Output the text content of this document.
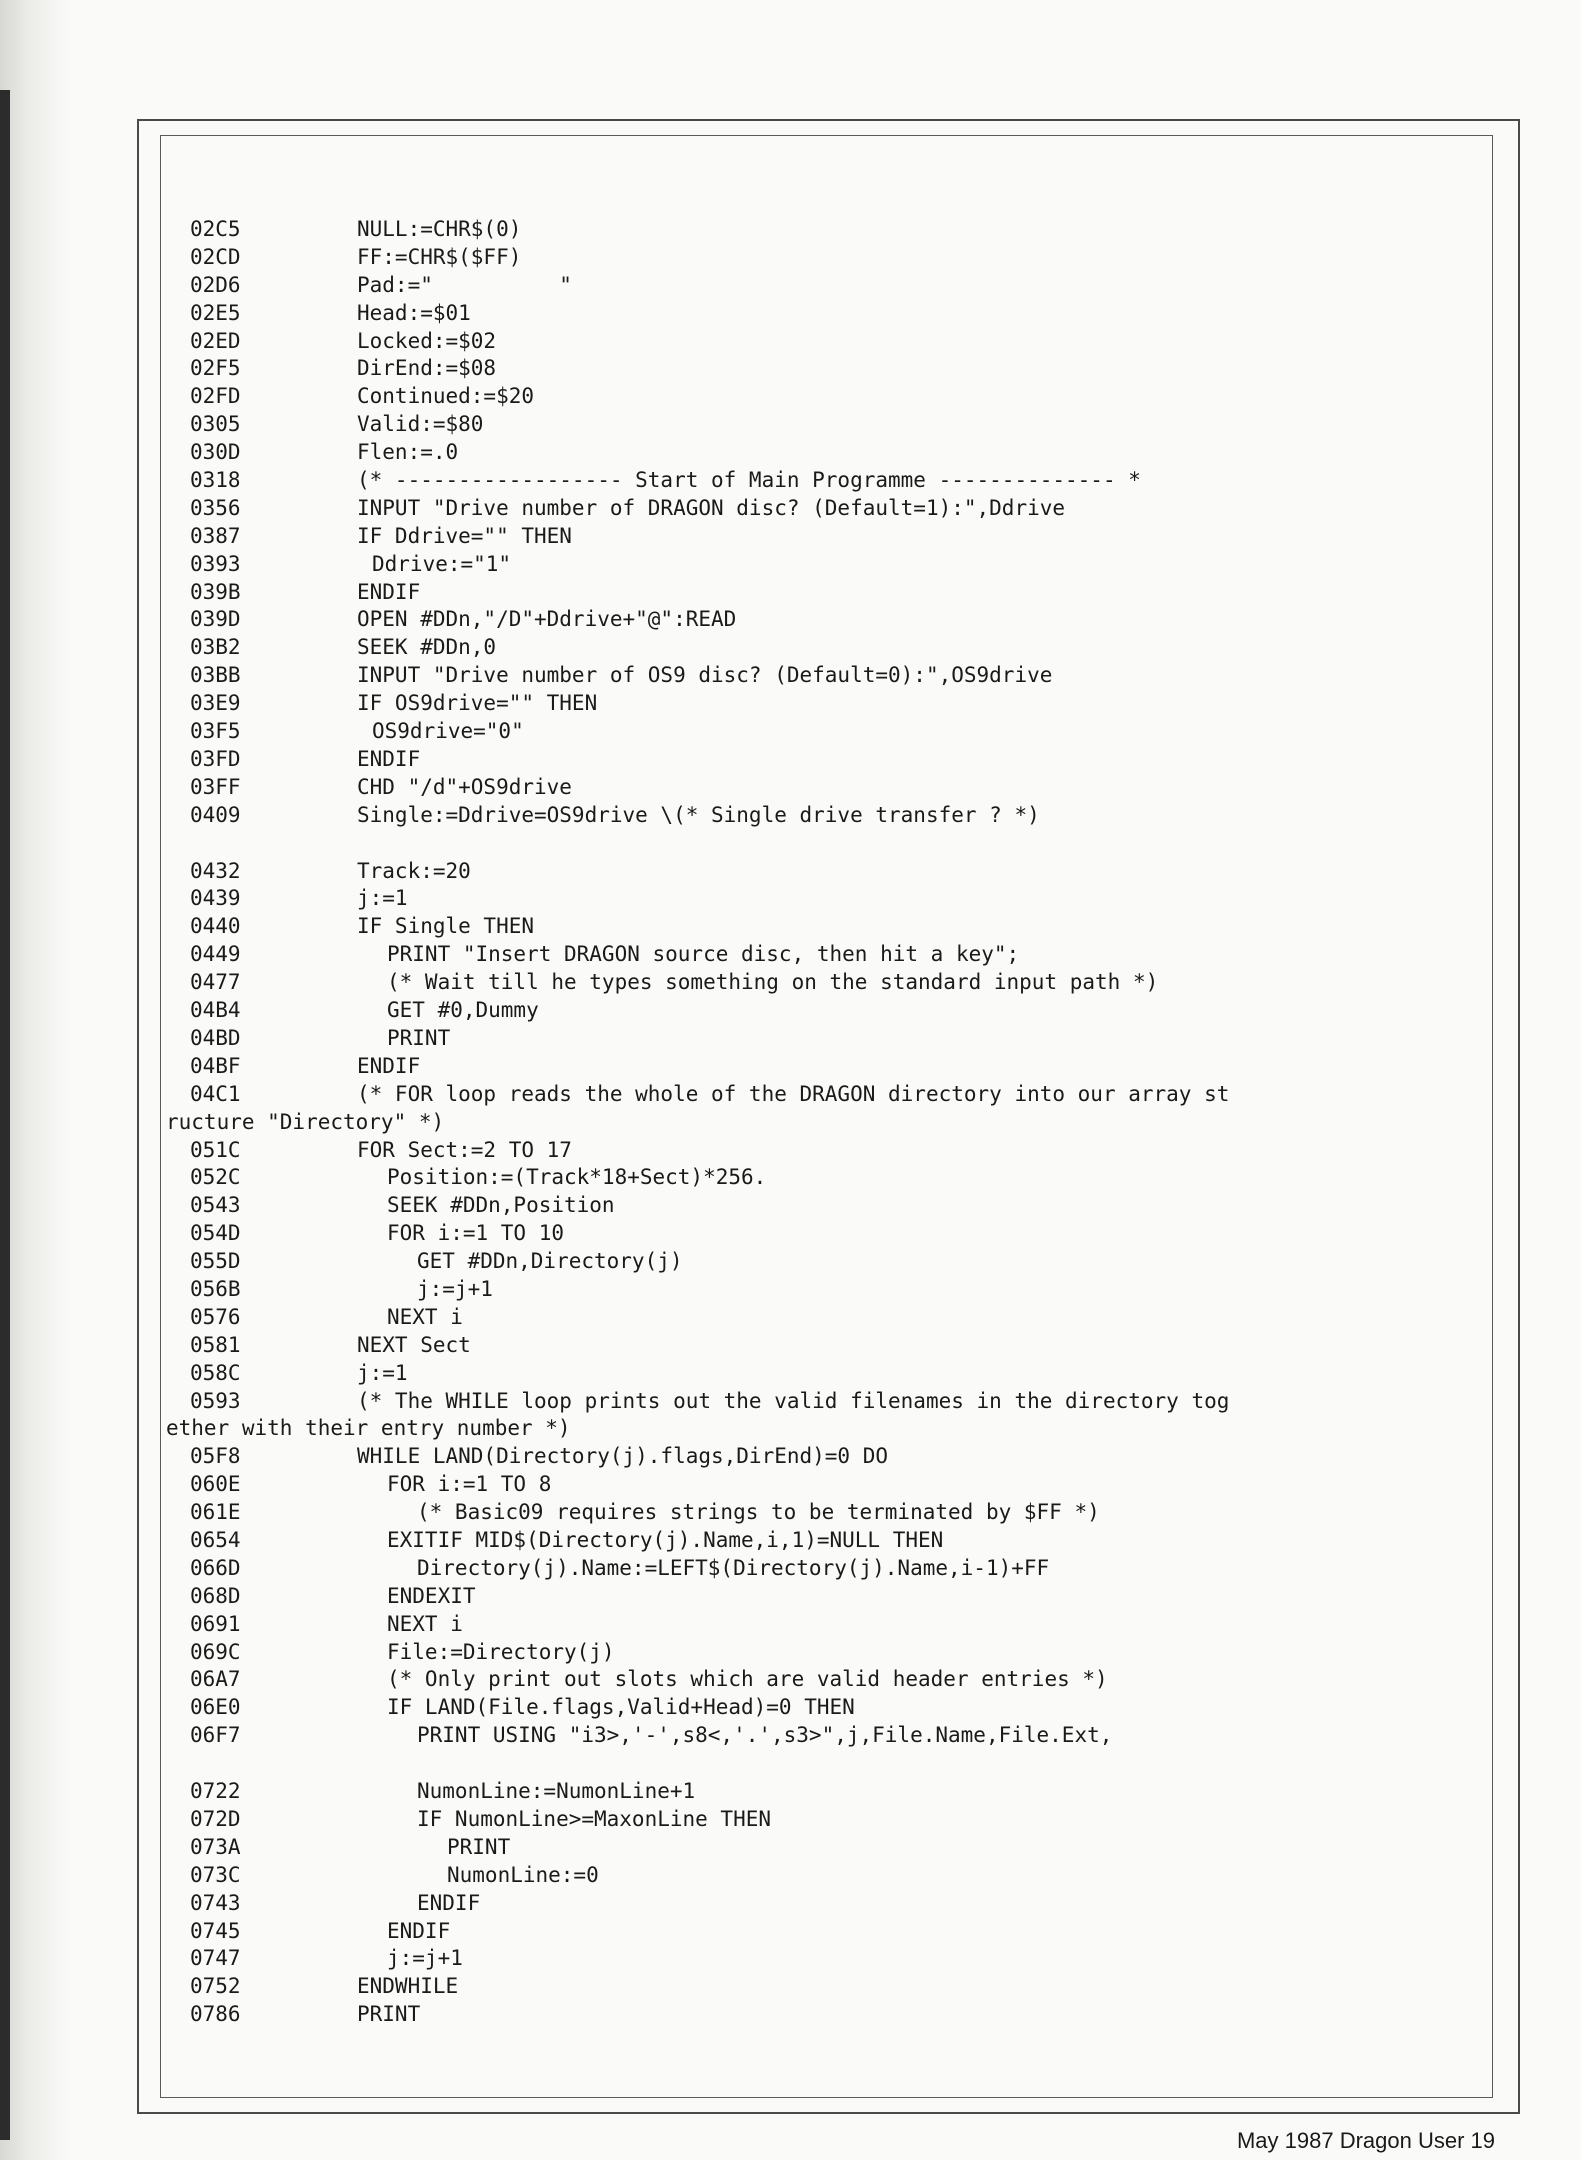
02C5	NULL:=CHR$(0)
02CD	FF:=CHR$($FF)
02D6	Pad:="          "
02E5	Head:=$01
02ED	Locked:=$02
02F5	DirEnd:=$08
02FD	Continued:=$20
0305	Valid:=$80
030D	Flen:=.0
0318	(* ------------------ Start of Main Programme -------------- *
0356	INPUT "Drive number of DRAGON disc? (Default=1):",Ddrive
0387	IF Ddrive="" THEN
0393	Ddrive:="1"
039B	ENDIF
039D	OPEN #DDn,"/D"+Ddrive+"@":READ
03B2	SEEK #DDn,0
03BB	INPUT "Drive number of OS9 disc? (Default=0):",OS9drive
03E9	IF OS9drive="" THEN
03F5	OS9drive="0"
03FD	ENDIF
03FF	CHD "/d"+OS9drive
0409	Single:=Ddrive=OS9drive \(* Single drive transfer ? *)
0432	Track:=20
0439	j:=1
0440	IF Single THEN
0449	PRINT "Insert DRAGON source disc, then hit a key";
0477	(* Wait till he types something on the standard input path *)
04B4	GET #0,Dummy
04BD	PRINT
04BF	ENDIF
04C1	(* FOR loop reads the whole of the DRAGON directory into our array st
ructure "Directory" *)
051C	FOR Sect:=2 TO 17
052C	Position:=(Track*18+Sect)*256.
0543	SEEK #DDn,Position
054D	FOR i:=1 TO 10
055D	GET #DDn,Directory(j)
056B	j:=j+1
0576	NEXT i
0581	NEXT Sect
058C	j:=1
0593	(* The WHILE loop prints out the valid filenames in the directory tog
ether with their entry number *)
05F8	WHILE LAND(Directory(j).flags,DirEnd)=0 DO
060E	FOR i:=1 TO 8
061E	(* Basic09 requires strings to be terminated by $FF *)
0654	EXITIF MID$(Directory(j).Name,i,1)=NULL THEN
066D	Directory(j).Name:=LEFT$(Directory(j).Name,i-1)+FF
068D	ENDEXIT
0691	NEXT i
069C	File:=Directory(j)
06A7	(* Only print out slots which are valid header entries *)
06E0	IF LAND(File.flags,Valid+Head)=0 THEN
06F7	PRINT USING "i3>,'-',s8<,'.',s3>",j,File.Name,File.Ext,
0722	NumonLine:=NumonLine+1
072D	IF NumonLine>=MaxonLine THEN
073A	PRINT
073C	NumonLine:=0
0743	ENDIF
0745	ENDIF
0747	j:=j+1
0752	ENDWHILE
0786	PRINT
May 1987 Dragon User 19
